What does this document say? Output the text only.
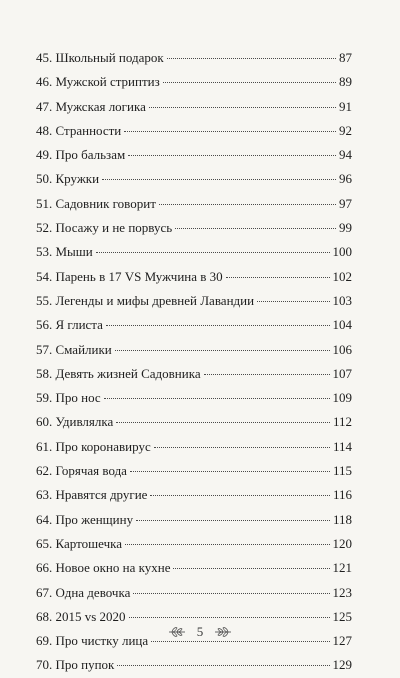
45. Школьный подарок	87
46. Мужской стриптиз	89
47. Мужская логика	91
48. Странности	92
49. Про бальзам	94
50. Кружки	96
51. Садовник говорит	97
52. Посажу и не порвусь	99
53. Мыши	100
54. Парень в 17 VS Мужчина в 30	102
55. Легенды и мифы древней Лавандии	103
56. Я глиста	104
57. Смайлики	106
58. Девять жизней Садовника	107
59. Про нос	109
60. Удивлялка	112
61. Про коронавирус	114
62. Горячая вода	115
63. Нравятся другие	116
64. Про женщину	118
65. Картошечка	120
66. Новое окно на кухне	121
67. Одна девочка	123
68. 2015 vs 2020	125
69. Про чистку лица	127
70. Про пупок	129
5
